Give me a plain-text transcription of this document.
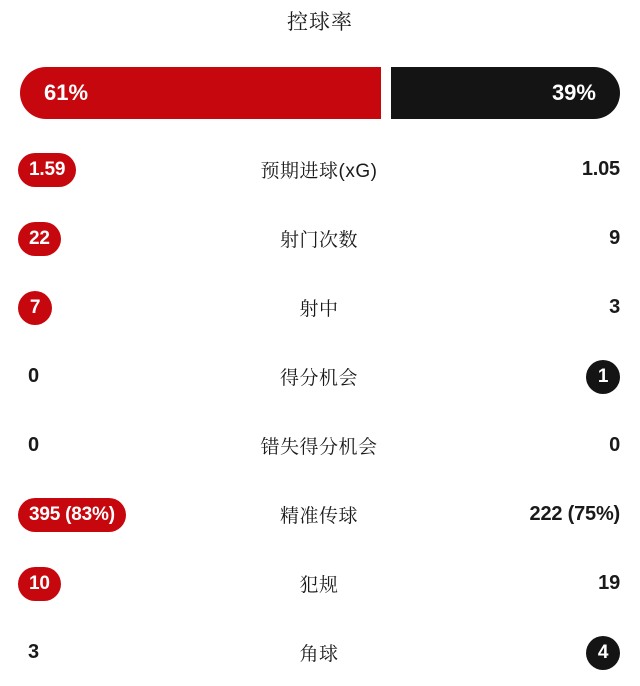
控球率
61%	39%
1.59	预期进球(xG)	1.05
22	射门次数	9
7	射中	3
0	得分机会	1
0	错失得分机会	0
395 (83%)	精准传球	222 (75%)
10	犯规	19
3	角球	4
